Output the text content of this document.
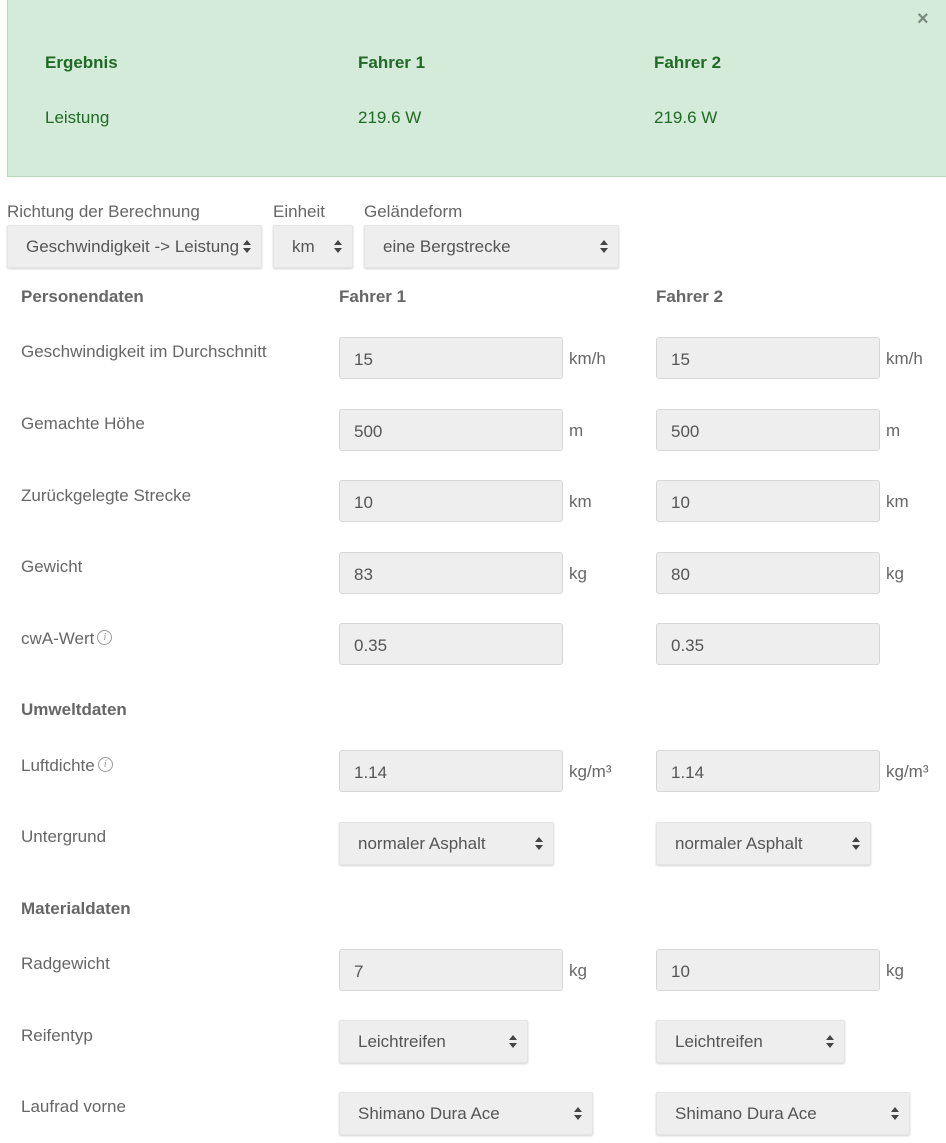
×
Ergebnis	Fahrer 1	Fahrer 2
Leistung	219.6 W	219.6 W
Richtung der Berechnung
Geschwindigkeit -> Leistung
Einheit
km
Geländeform
eine Bergstrecke
Personendaten	Fahrer 1	Fahrer 2
Geschwindigkeit im Durchschnitt	15	km/h	15	km/h
Gemachte Höhe	500	m	500	m
Zurückgelegte Strecke	10	km	10	km
Gewicht	83	kg	80	kg
cwA-Wert i	0.35	0.35
Umweltdaten
Luftdichte i	1.14	kg/m³	1.14	kg/m³
Untergrund	normaler Asphalt	normaler Asphalt
Materialdaten
Radgewicht	7	kg	10	kg
Reifentyp	Leichtreifen	Leichtreifen
Laufrad vorne	Shimano Dura Ace	Shimano Dura Ace
